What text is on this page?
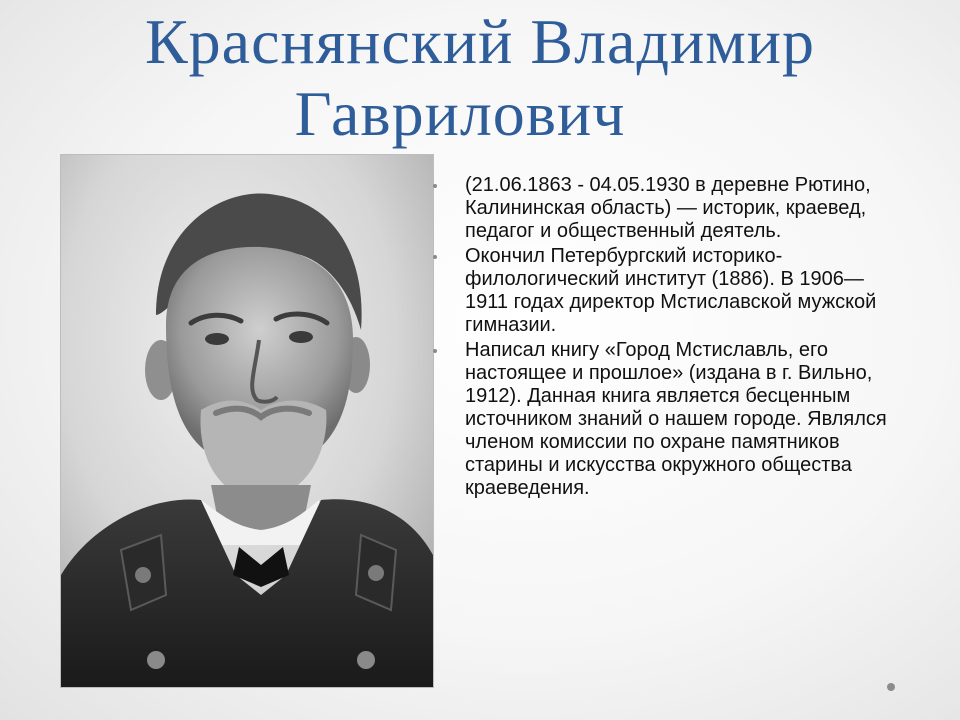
Краснянский Владимир
Гаврилович
(21.06.1863 - 04.05.1930 в деревне Рютино, Калининская область) — историк, краевед, педагог и общественный деятель.
Окончил Петербургский историко-филологический институт (1886). В 1906—1911 годах директор Мстиславской мужской гимназии.
Написал книгу «Город Мстиславль, его настоящее и прошлое» (издана в г. Вильно, 1912). Данная книга является бесценным источником знаний о нашем городе. Являлся членом комиссии по охране памятников старины и искусства окружного общества краеведения.
